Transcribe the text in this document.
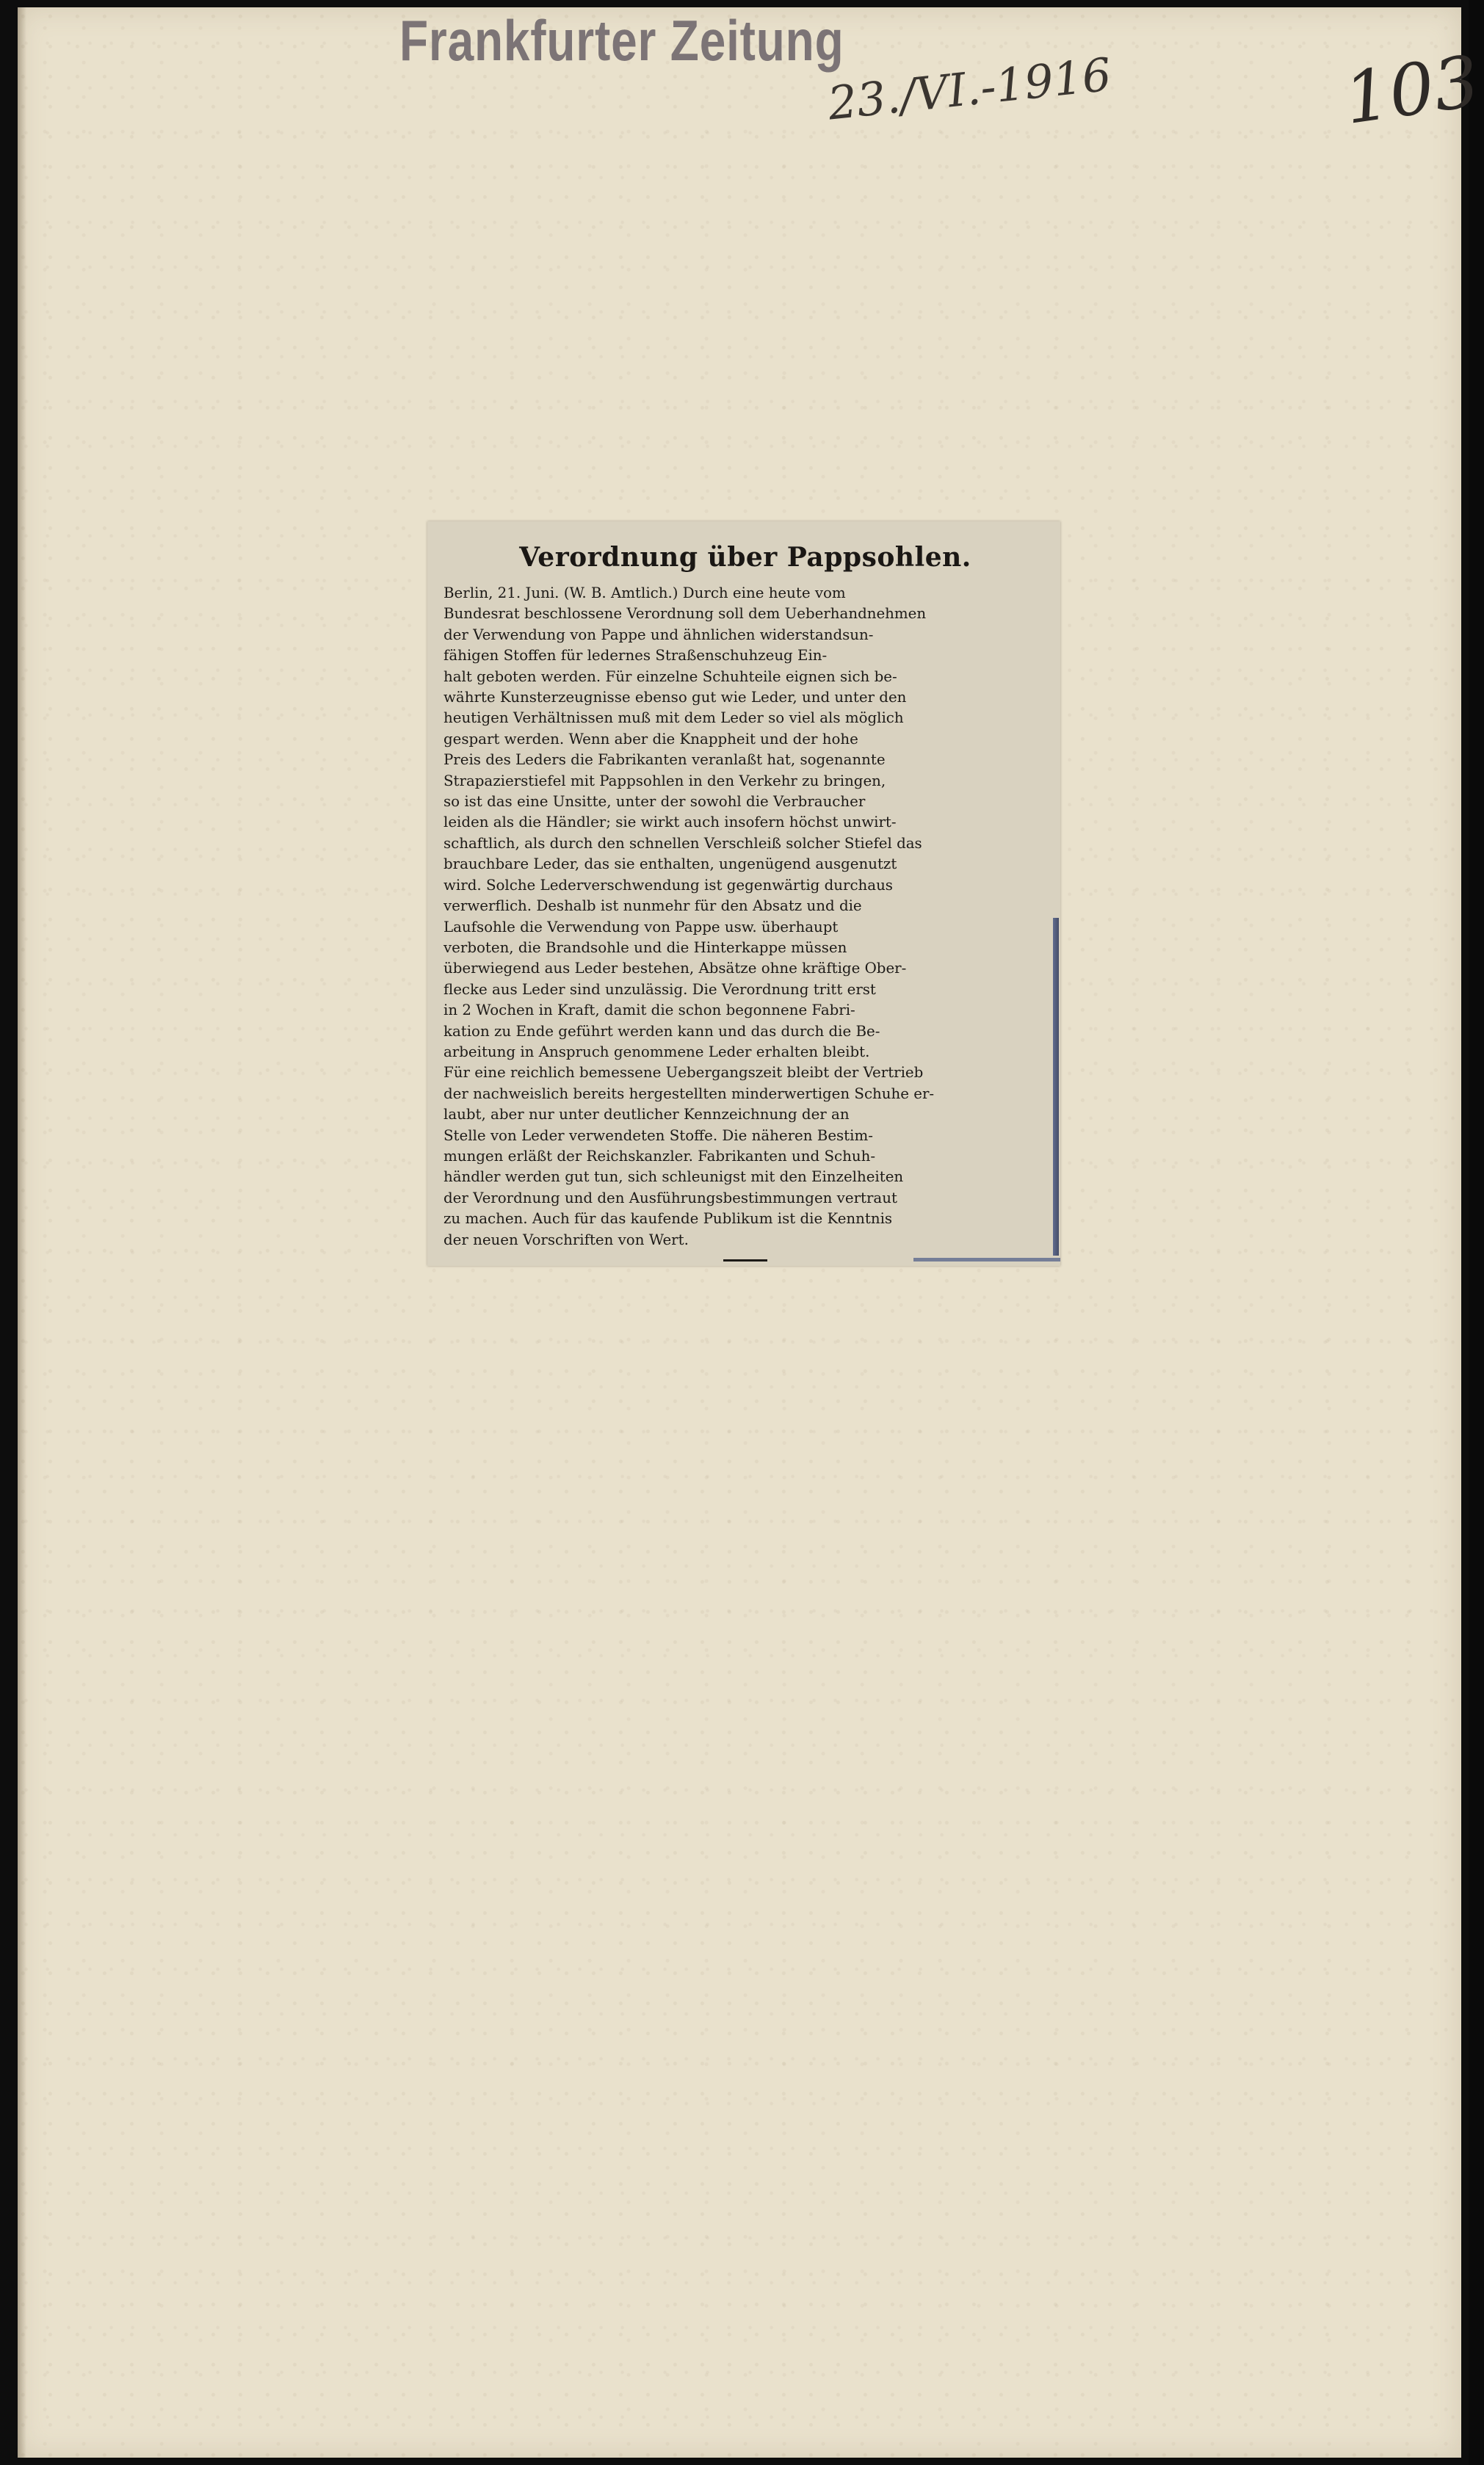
Frankfurter Zeitung
23./VI.-1916	103
Verordnung über Pappsohlen.
Berlin, 21. Juni. (W. B. Amtlich.) Durch eine heute vom
Bundesrat beschlossene Verordnung soll dem Ueberhandnehmen
der Verwendung von Pappe und ähnlichen widerstandsun-
fähigen Stoffen für ledernes Straßenschuhzeug Ein-
halt geboten werden. Für einzelne Schuhteile eignen sich be-
währte Kunsterzeugnisse ebenso gut wie Leder, und unter den
heutigen Verhältnissen muß mit dem Leder so viel als möglich
gespart werden. Wenn aber die Knappheit und der hohe
Preis des Leders die Fabrikanten veranlaßt hat, sogenannte
Strapazierstiefel mit Pappsohlen in den Verkehr zu bringen,
so ist das eine Unsitte, unter der sowohl die Verbraucher
leiden als die Händler; sie wirkt auch insofern höchst unwirt-
schaftlich, als durch den schnellen Verschleiß solcher Stiefel das
brauchbare Leder, das sie enthalten, ungenügend ausgenutzt
wird. Solche Lederverschwendung ist gegenwärtig durchaus
verwerflich. Deshalb ist nunmehr für den Absatz und die
Laufsohle die Verwendung von Pappe usw. überhaupt
verboten, die Brandsohle und die Hinterkappe müssen
überwiegend aus Leder bestehen, Absätze ohne kräftige Ober-
flecke aus Leder sind unzulässig. Die Verordnung tritt erst
in 2 Wochen in Kraft, damit die schon begonnene Fabri-
kation zu Ende geführt werden kann und das durch die Be-
arbeitung in Anspruch genommene Leder erhalten bleibt.
Für eine reichlich bemessene Uebergangszeit bleibt der Vertrieb
der nachweislich bereits hergestellten minderwertigen Schuhe er-
laubt, aber nur unter deutlicher Kennzeichnung der an
Stelle von Leder verwendeten Stoffe. Die näheren Bestim-
mungen erläßt der Reichskanzler. Fabrikanten und Schuh-
händler werden gut tun, sich schleunigst mit den Einzelheiten
der Verordnung und den Ausführungsbestimmungen vertraut
zu machen. Auch für das kaufende Publikum ist die Kenntnis
der neuen Vorschriften von Wert.
